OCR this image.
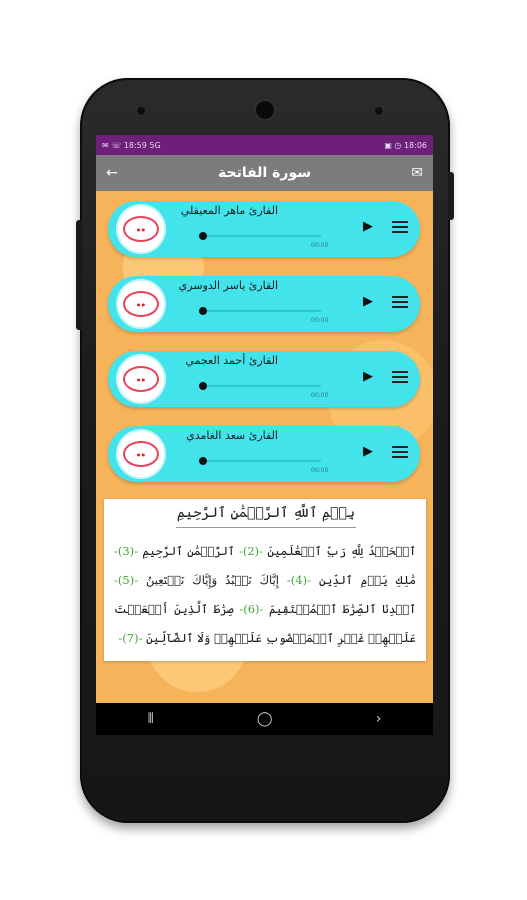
✉ ☏ 18:59 5G	▣ ◷ 18:06
←	سورة الفاتحة	✉
● ●
القارئ ماهر المعيقلي
00:00
▶
● ●
القارئ ياسر الدوسري
00:00
▶
● ●
القارئ أحمد العجمي
00:00
▶
● ●
القارئ سعد الغامدي
00:00
▶
بِسۡمِ ٱللَّهِ ٱلرَّحۡمَٰنِ ٱلرَّحِيمِ
ٱلۡحَمۡدُ لِلَّهِ رَبِّ ٱلۡعَٰلَمِينَ -(2)- ٱلرَّحۡمَٰنِ ٱلرَّحِيمِ -(3)- مَٰلِكِ يَوۡمِ ٱلدِّينِ -(4)- إِيَّاكَ نَعۡبُدُ وَإِيَّاكَ نَسۡتَعِينُ -(5)- ٱهۡدِنَا ٱلصِّرَٰطَ ٱلۡمُسۡتَقِيمَ -(6)- صِرَٰطَ ٱلَّذِينَ أَنۡعَمۡتَ عَلَيۡهِمۡ غَيۡرِ ٱلۡمَغۡضُوبِ عَلَيۡهِمۡ وَلَا ٱلضَّآلِّينَ -(7)-
⦀	◯	›
